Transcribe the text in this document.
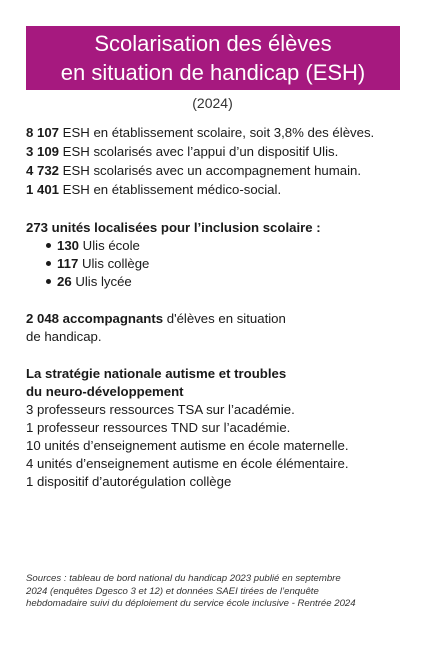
Scolarisation des élèves
en situation de handicap (ESH)
(2024)
8 107 ESH en établissement scolaire, soit 3,8% des élèves.
3 109 ESH scolarisés avec l’appui d’un dispositif Ulis.
4 732 ESH scolarisés avec un accompagnement humain.
1 401 ESH en établissement médico-social.
273 unités localisées pour l’inclusion scolaire :
130 Ulis école
117 Ulis collège
26 Ulis lycée
2 048 accompagnants d'élèves en situation
de handicap.
La stratégie nationale autisme et troubles
du neuro-développement
3 professeurs ressources TSA sur l’académie.
1 professeur ressources TND sur l’académie.
10 unités d’enseignement autisme en école maternelle.
4 unités d’enseignement autisme en école élémentaire.
1 dispositif d’autorégulation collège
Sources : tableau de bord national du handicap 2023 publié en septembre
2024 (enquêtes Dgesco 3 et 12) et données SAEI tirées de l’enquête
hebdomadaire suivi du déploiement du service école inclusive - Rentrée 2024
